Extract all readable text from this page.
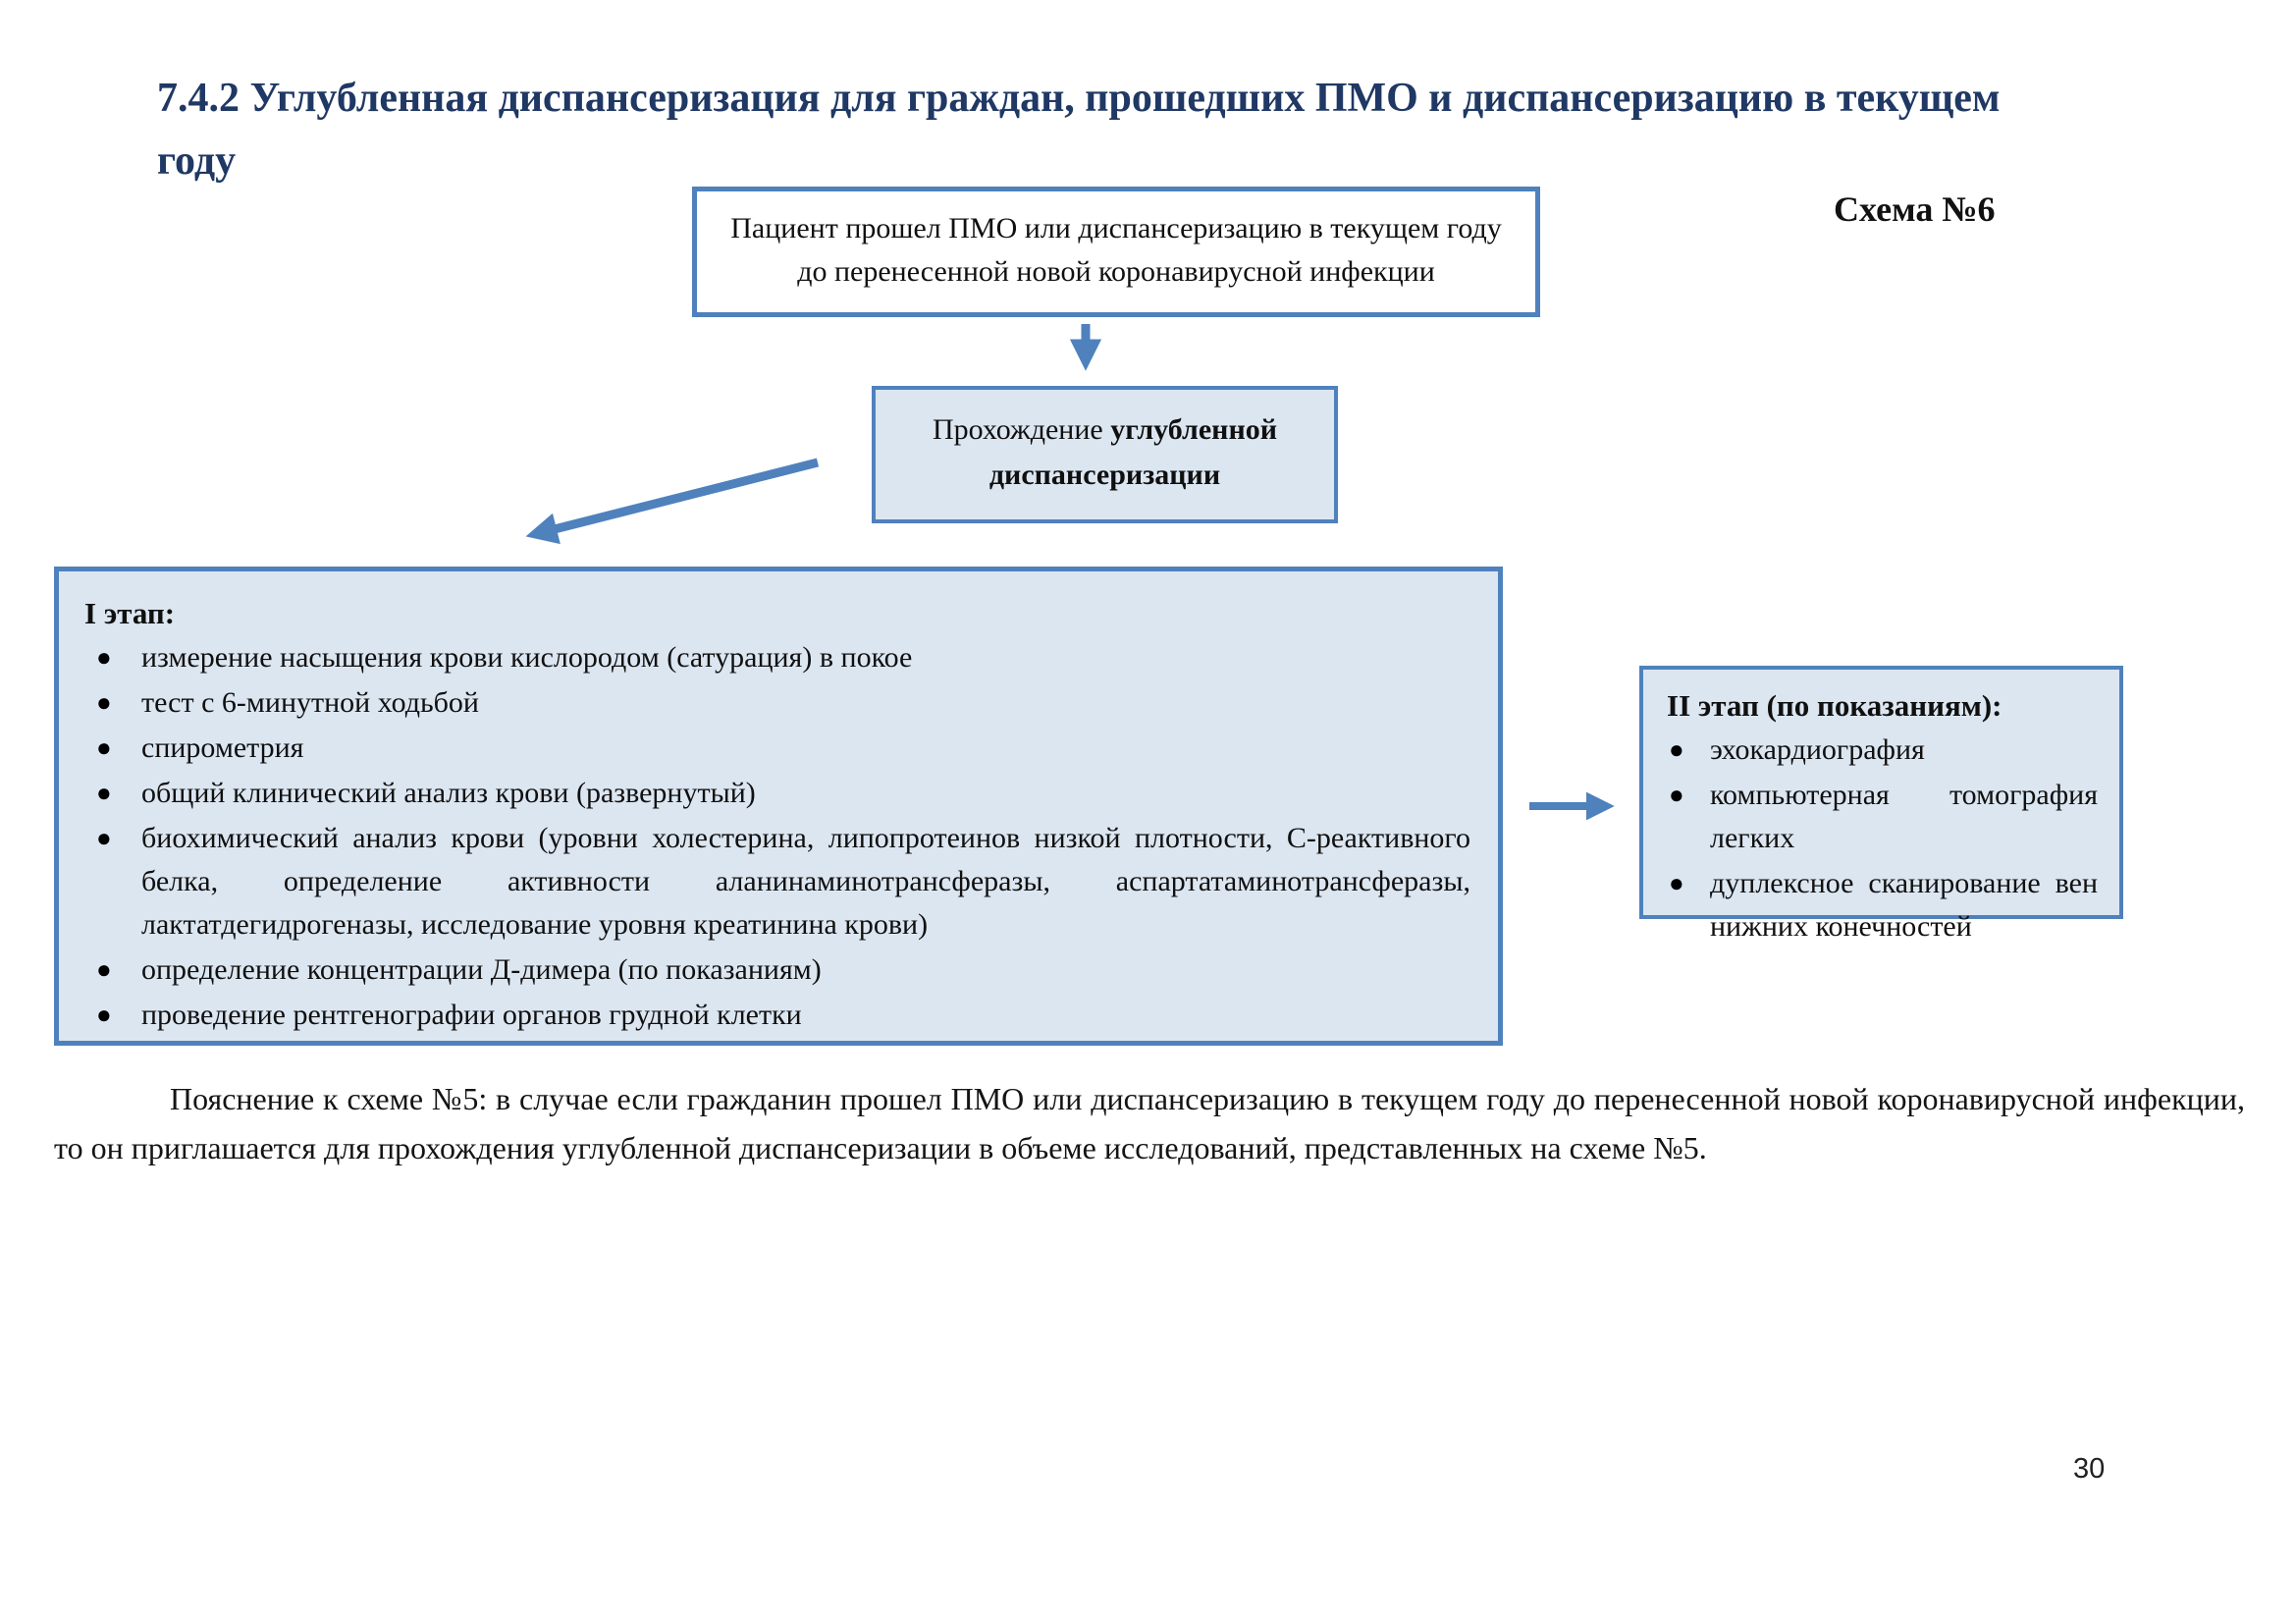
7.4.2 Углубленная диспансеризация для граждан, прошедших ПМО и диспансеризацию в текущем году
Схема №6
Пациент прошел ПМО или диспансеризацию в текущем году
до перенесенной новой коронавирусной инфекции
Прохождение углубленной
диспансеризации
I этап:
●	измерение насыщения крови кислородом (сатурация) в покое
●	тест с 6-минутной ходьбой
●	спирометрия
●	общий клинический анализ крови (развернутый)
●	биохимический анализ крови (уровни холестерина, липопротеинов низкой плотности, С-реактивного белка, определение активности аланинаминотрансферазы, аспартатаминотрансферазы, лактатдегидрогеназы, исследование уровня креатинина крови)
●	определение концентрации Д-димера (по показаниям)
●	проведение рентгенографии органов грудной клетки
II этап (по показаниям):
● эхокардиография
● компьютерная томография легких
● дуплексное сканирование вен нижних конечностей
Пояснение к схеме №5: в случае если гражданин прошел ПМО или диспансеризацию в текущем году до перенесенной новой коронавирусной инфекции, то он приглашается для прохождения углубленной диспансеризации в объеме исследований, представленных на схеме №5.
30
